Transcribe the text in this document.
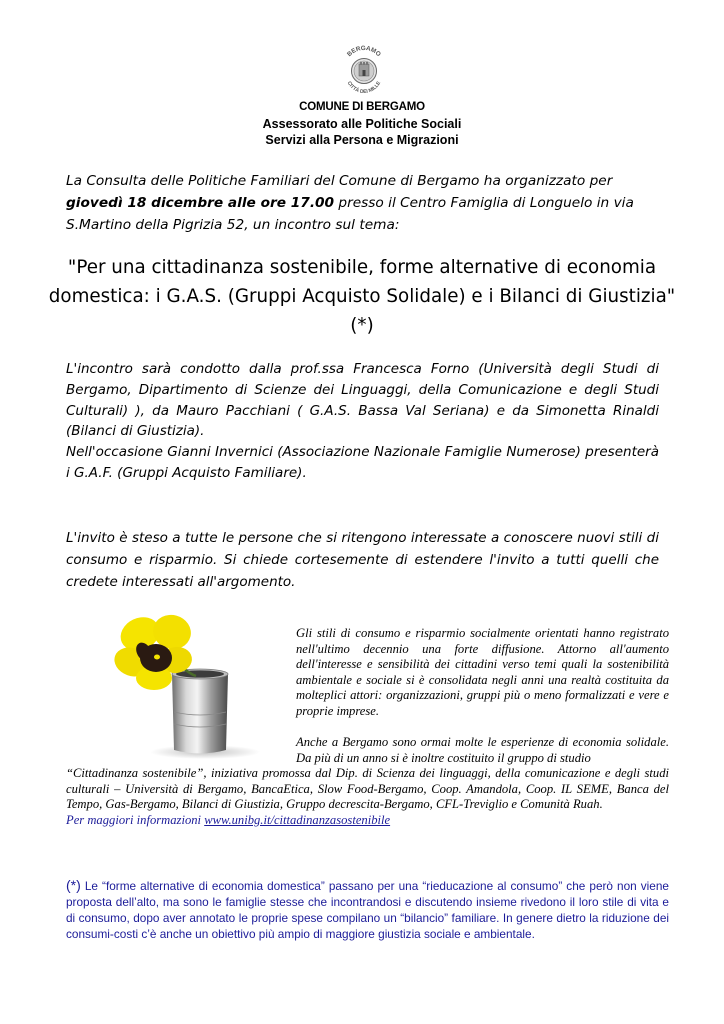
BERGAMO
CITTÀ DEI MILLE
COMUNE DI BERGAMO
Assessorato alle Politiche Sociali
Servizi alla Persona e Migrazioni
La Consulta delle Politiche Familiari del Comune di Bergamo ha organizzato per giovedì 18 dicembre alle ore 17.00 presso il Centro Famiglia di Longuelo in via S.Martino della Pigrizia 52, un incontro sul tema:
"Per una cittadinanza sostenibile, forme alternative di economia
domestica: i G.A.S. (Gruppi Acquisto Solidale) e i Bilanci di Giustizia"
(*)
L'incontro sarà condotto dalla prof.ssa Francesca Forno (Università degli Studi di Bergamo, Dipartimento di Scienze dei Linguaggi, della Comunicazione e degli Studi Culturali) ), da Mauro Pacchiani ( G.A.S. Bassa Val Seriana) e da Simonetta Rinaldi (Bilanci di Giustizia).
Nell'occasione Gianni Invernici (Associazione Nazionale Famiglie Numerose) presenterà i G.A.F. (Gruppi Acquisto Familiare).
L'invito è steso a tutte le persone che si ritengono interessate a conoscere nuovi stili di consumo e risparmio. Si chiede cortesemente di estendere l'invito a tutti quelli che credete interessati all'argomento.

Gli stili di consumo e risparmio socialmente orientati hanno registrato nell'ultimo decennio una forte diffusione. Attorno all'aumento dell'interesse e sensibilità dei cittadini verso temi quali la sostenibilità ambientale e sociale si è consolidata negli anni una realtà costituita da molteplici attori: organizzazioni, gruppi più o meno formalizzati e vere e proprie imprese.

Anche a Bergamo sono ormai molte le esperienze di economia solidale. Da più di un anno si è inoltre costituito il gruppo di studio

“Cittadinanza sostenibile”, iniziativa promossa dal Dip. di Scienza dei linguaggi, della comunicazione e degli studi culturali – Università di Bergamo, BancaEtica, Slow Food-Bergamo, Coop. Amandola, Coop. IL SEME, Banca del Tempo, Gas-Bergamo, Bilanci di Giustizia, Gruppo decrescita-Bergamo, CFL-Treviglio e Comunità Ruah.

Per maggiori informazioni www.unibg.it/cittadinanzasostenibile

(*) Le “forme alternative di economia domestica” passano per una “rieducazione al consumo” che però non viene proposta dell’alto, ma sono le famiglie stesse che incontrandosi e discutendo insieme rivedono il loro stile di vita e di consumo, dopo aver annotato le proprie spese compilano un “bilancio” familiare. In genere dietro la riduzione dei consumi-costi c’è anche un obiettivo più ampio di maggiore giustizia sociale e ambientale.
